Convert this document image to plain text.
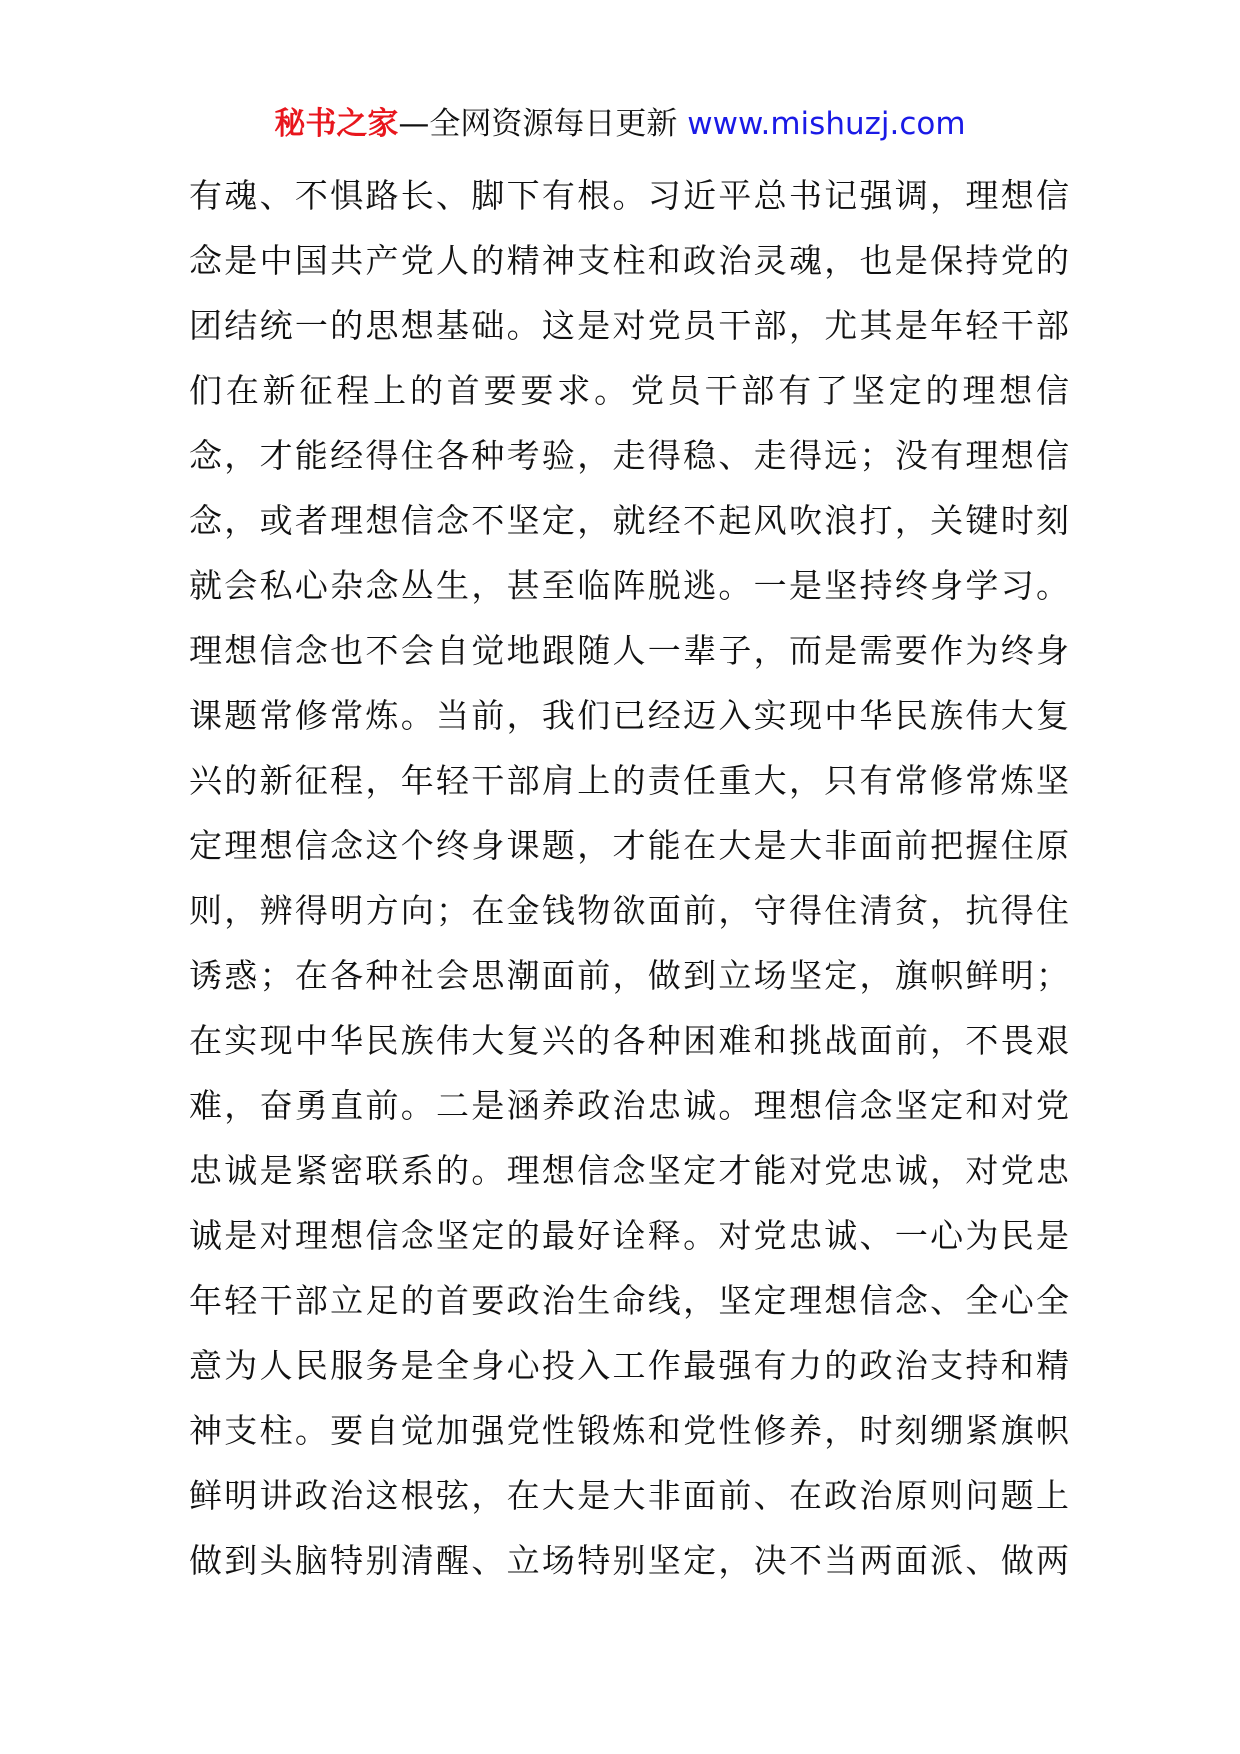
秘书之家—全网资源每日更新 www.mishuzj.com
有魂、不惧路长、脚下有根。习近平总书记强调，理想信
念是中国共产党人的精神支柱和政治灵魂，也是保持党的
团结统一的思想基础。这是对党员干部，尤其是年轻干部
们在新征程上的首要要求。党员干部有了坚定的理想信
念，才能经得住各种考验，走得稳、走得远；没有理想信
念，或者理想信念不坚定，就经不起风吹浪打，关键时刻
就会私心杂念丛生，甚至临阵脱逃。一是坚持终身学习。
理想信念也不会自觉地跟随人一辈子，而是需要作为终身
课题常修常炼。当前，我们已经迈入实现中华民族伟大复
兴的新征程，年轻干部肩上的责任重大，只有常修常炼坚
定理想信念这个终身课题，才能在大是大非面前把握住原
则，辨得明方向；在金钱物欲面前，守得住清贫，抗得住
诱惑；在各种社会思潮面前，做到立场坚定，旗帜鲜明；
在实现中华民族伟大复兴的各种困难和挑战面前，不畏艰
难，奋勇直前。二是涵养政治忠诚。理想信念坚定和对党
忠诚是紧密联系的。理想信念坚定才能对党忠诚，对党忠
诚是对理想信念坚定的最好诠释。对党忠诚、一心为民是
年轻干部立足的首要政治生命线，坚定理想信念、全心全
意为人民服务是全身心投入工作最强有力的政治支持和精
神支柱。要自觉加强党性锻炼和党性修养，时刻绷紧旗帜
鲜明讲政治这根弦，在大是大非面前、在政治原则问题上
做到头脑特别清醒、立场特别坚定，决不当两面派、做两
